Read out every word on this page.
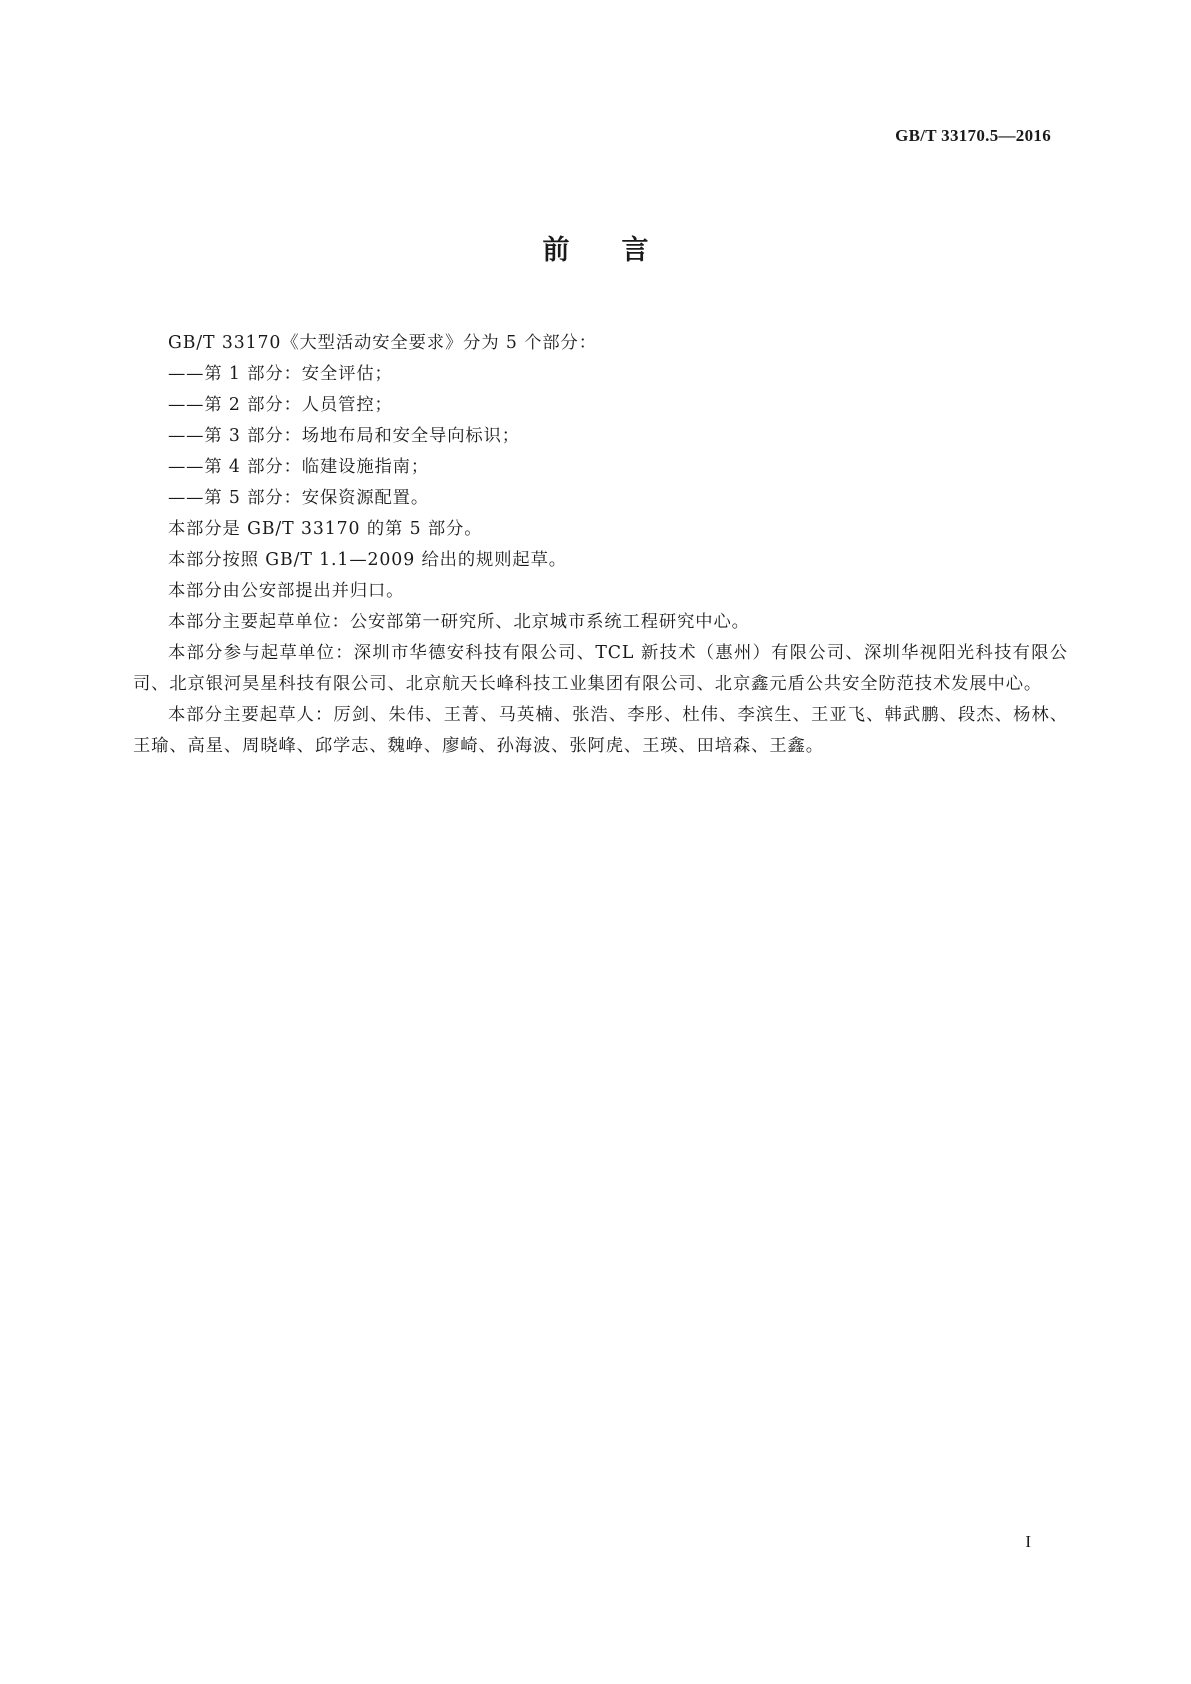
GB/T 33170.5—2016
前言

GB/T 33170《大型活动安全要求》分为 5 个部分：

——第 1 部分：安全评估；

——第 2 部分：人员管控；

——第 3 部分：场地布局和安全导向标识；

——第 4 部分：临建设施指南；

——第 5 部分：安保资源配置。

本部分是 GB/T 33170 的第 5 部分。

本部分按照 GB/T 1.1—2009 给出的规则起草。

本部分由公安部提出并归口。

本部分主要起草单位：公安部第一研究所、北京城市系统工程研究中心。

本部分参与起草单位：深圳市华德安科技有限公司、TCL 新技术（惠州）有限公司、深圳华视阳光科技有限公司、北京银河昊星科技有限公司、北京航天长峰科技工业集团有限公司、北京鑫元盾公共安全防范技术发展中心。

本部分主要起草人：厉剑、朱伟、王菁、马英楠、张浩、李彤、杜伟、李滨生、王亚飞、韩武鹏、段杰、杨林、王瑜、高星、周晓峰、邱学志、魏峥、廖崎、孙海波、张阿虎、王瑛、田培森、王鑫。

I
